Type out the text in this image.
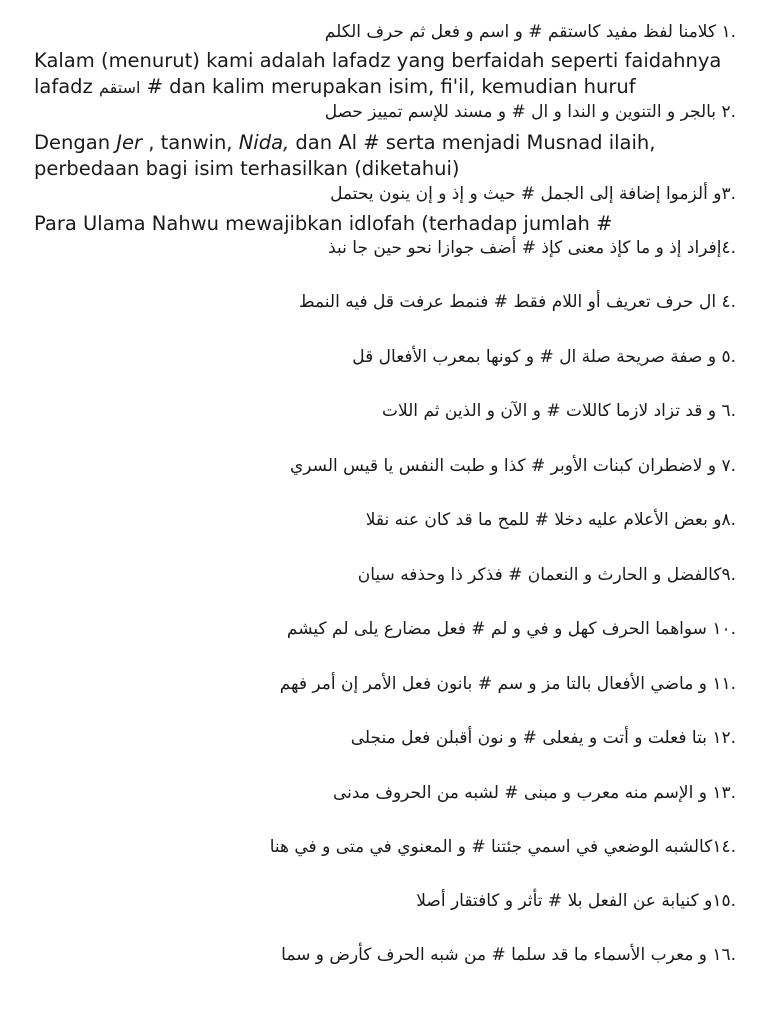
.١ كلامنا لفظ مفيد كاستقم # و اسم و فعل ثم حرف الكلم
Kalam (menurut) kami adalah lafadz yang berfaidah seperti faidahnya
lafadz استقم # dan kalim merupakan isim, fi'il, kemudian huruf
.٢ بالجر و التنوين و الندا و ال # و مسند للإسم تمييز حصل
Dengan Jer , tanwin, Nida, dan Al # serta menjadi Musnad ilaih,
perbedaan bagi isim terhasilkan (diketahui)
.٣و ألزموا إضافة إلى الجمل # حيث و إذ و إن ينون يحتمل
Para Ulama Nahwu mewajibkan idlofah (terhadap jumlah #
.٤إفراد إذ و ما كإذ معنى كإذ # أضف جوازا نحو حين جا نبذ
.٤ ال حرف تعريف أو اللام فقط # فنمط عرفت قل فيه النمط
.٥ و صفة صريحة صلة ال # و كونها بمعرب الأفعال قل
.٦ و قد تزاد لازما كاللات # و الآن و الذين ثم اللات
.٧ و لاضطران كبنات الأوبر # كذا و طبت النفس يا قيس السري
.٨و بعض الأعلام عليه دخلا # للمح ما قد كان عنه نقلا
.٩كالفضل و الحارث و النعمان # فذكر ذا وحذفه سيان
.١٠ سواهما الحرف كهل و في و لم # فعل مضارع يلى لم كيشم
.١١ و ماضي الأفعال بالتا مز و سم # بانون فعل الأمر إن أمر فهم
.١٢ بتا فعلت و أتت و يفعلى # و نون أقبلن فعل منجلى
.١٣ و الإسم منه معرب و مبنى # لشبه من الحروف مدنى
.١٤كالشبه الوضعي في اسمي جئتنا # و المعنوي في متى و في هنا
.١٥و كنيابة عن الفعل بلا # تأثر و كافتقار أصلا
.١٦ و معرب الأسماء ما قد سلما # من شبه الحرف كأرض و سما
